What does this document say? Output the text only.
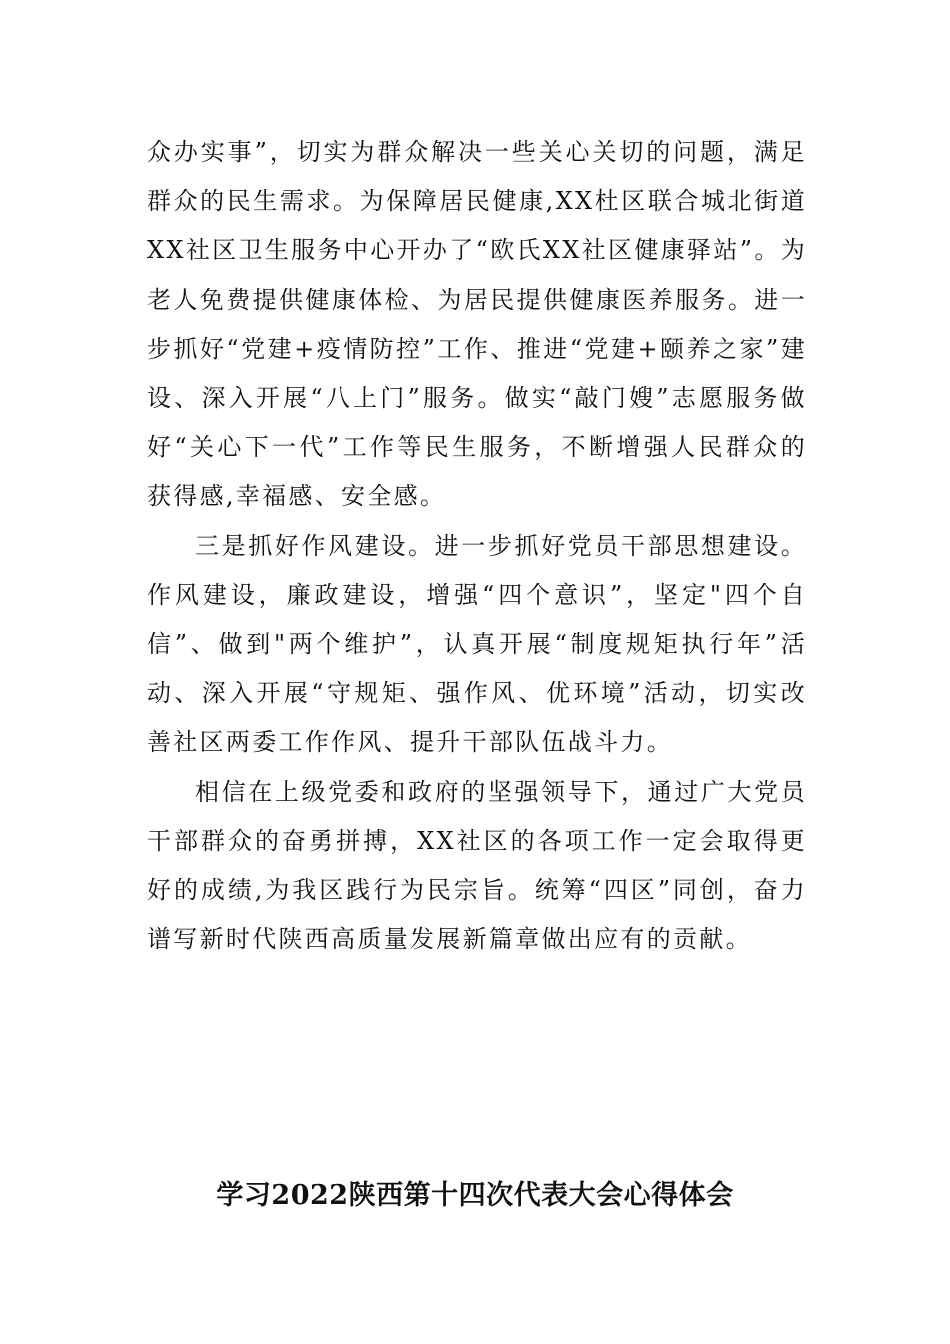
众办实事”，切实为群众解决一些关心关切的问题，满足群众的民生需求。为保障居民健康,XX杜区联合城北街道XX社区卫生服务中心开办了“欧氏XX社区健康驿站”。为老人免费提供健康体检、为居民提供健康医养服务。进一步抓好“党建+疫情防控”工作、推进“党建+颐养之家”建设、深入开展“八上门”服务。做实“敲门嫂”志愿服务做好“关心下一代”工作等民生服务，不断增强人民群众的获得感,幸福感、安全感。

三是抓好作风建设。进一步抓好党员干部思想建设。作风建设，廉政建设，增强“四个意识”，坚定"四个自信”、做到"两个维护”，认真开展“制度规矩执行年”活动、深入开展“守规矩、强作风、优环境”活动，切实改善社区两委工作作风、提升干部队伍战斗力。

相信在上级党委和政府的坚强领导下，通过广大党员干部群众的奋勇拼搏，XX社区的各项工作一定会取得更好的成绩,为我区践行为民宗旨。统筹“四区”同创，奋力谱写新时代陕西高质量发展新篇章做出应有的贡献。

学习2022陕西第十四次代表大会心得体会
